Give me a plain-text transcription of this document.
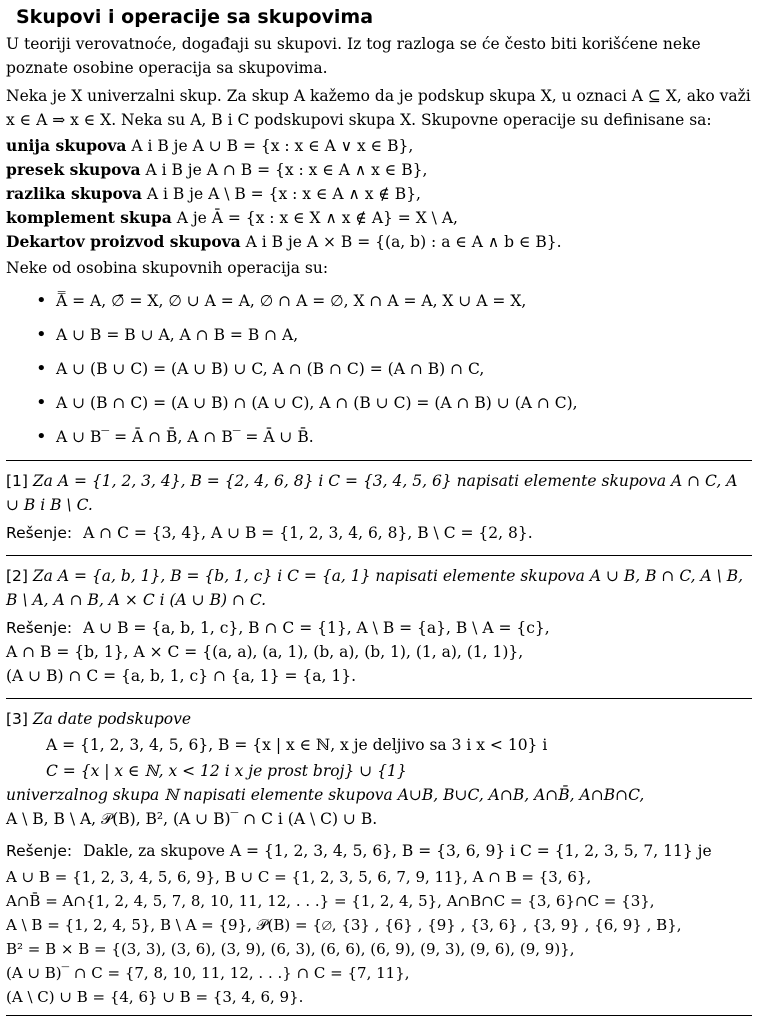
Skupovi i operacije sa skupovima

U teoriji verovatnoće, događaji su skupovi. Iz tog razloga se će često biti korišćene neke poznate osobine operacija sa skupovima.

Neka je X univerzalni skup. Za skup A kažemo da je podskup skupa X, u oznaci A ⊆ X, ako važi x ∈ A ⇒ x ∈ X. Neka su A, B i C podskupovi skupa X. Skupovne operacije su definisane sa:

unija skupova A i B je A ∪ B = {x : x ∈ A ∨ x ∈ B},
presek skupova A i B je A ∩ B = {x : x ∈ A ∧ x ∈ B},
razlika skupova A i B je A \ B = {x : x ∈ A ∧ x ∉ B},
komplement skupa A je Ā = {x : x ∈ X ∧ x ∉ A} = X \ A,
Dekartov proizvod skupova A i B je A × B = {(a, b) : a ∈ A ∧ b ∈ B}.

Neke od osobina skupovnih operacija su:

• A̿ = A, ∅̄ = X, ∅ ∪ A = A, ∅ ∩ A = ∅, X ∩ A = A, X ∪ A = X,
• A ∪ B = B ∪ A, A ∩ B = B ∩ A,
• A ∪ (B ∪ C) = (A ∪ B) ∪ C, A ∩ (B ∩ C) = (A ∩ B) ∩ C,
• A ∪ (B ∩ C) = (A ∪ B) ∩ (A ∪ C), A ∩ (B ∪ C) = (A ∩ B) ∪ (A ∩ C),
• A ∪ B‾ = Ā ∩ B̄, A ∩ B‾ = Ā ∪ B̄.

[1] Za A = {1, 2, 3, 4}, B = {2, 4, 6, 8} i C = {3, 4, 5, 6} napisati elemente skupova A ∩ C, A ∪ B i B \ C.

Rešenje: A ∩ C = {3, 4}, A ∪ B = {1, 2, 3, 4, 6, 8}, B \ C = {2, 8}.

[2] Za A = {a, b, 1}, B = {b, 1, c} i C = {a, 1} napisati elemente skupova A ∪ B, B ∩ C, A \ B, B \ A, A ∩ B, A × C i (A ∪ B) ∩ C.

Rešenje: A ∪ B = {a, b, 1, c}, B ∩ C = {1}, A \ B = {a}, B \ A = {c},

A ∩ B = {b, 1}, A × C = {(a, a), (a, 1), (b, a), (b, 1), (1, a), (1, 1)},

(A ∪ B) ∩ C = {a, b, 1, c} ∩ {a, 1} = {a, 1}.

[3] Za date podskupove

A = {1, 2, 3, 4, 5, 6}, B = {x | x ∈ ℕ, x je deljivo sa 3 i x < 10} i

C = {x | x ∈ ℕ, x < 12 i x je prost broj} ∪ {1}

univerzalnog skupa ℕ napisati elemente skupova A∪B, B∪C, A∩B, A∩B̄, A∩B∩C,

A \ B, B \ A, 𝒫(B), B², (A ∪ B)‾ ∩ C i (A \ C) ∪ B.

Rešenje: Dakle, za skupove A = {1, 2, 3, 4, 5, 6}, B = {3, 6, 9} i C = {1, 2, 3, 5, 7, 11} je

A ∪ B = {1, 2, 3, 4, 5, 6, 9}, B ∪ C = {1, 2, 3, 5, 6, 7, 9, 11}, A ∩ B = {3, 6},

A∩B̄ = A∩{1, 2, 4, 5, 7, 8, 10, 11, 12, . . .} = {1, 2, 4, 5}, A∩B∩C = {3, 6}∩C = {3},

A \ B = {1, 2, 4, 5}, B \ A = {9}, 𝒫(B) = {∅, {3} , {6} , {9} , {3, 6} , {3, 9} , {6, 9} , B},

B² = B × B = {(3, 3), (3, 6), (3, 9), (6, 3), (6, 6), (6, 9), (9, 3), (9, 6), (9, 9)},

(A ∪ B)‾ ∩ C = {7, 8, 10, 11, 12, . . .} ∩ C = {7, 11},

(A \ C) ∪ B = {4, 6} ∪ B = {3, 4, 6, 9}.
